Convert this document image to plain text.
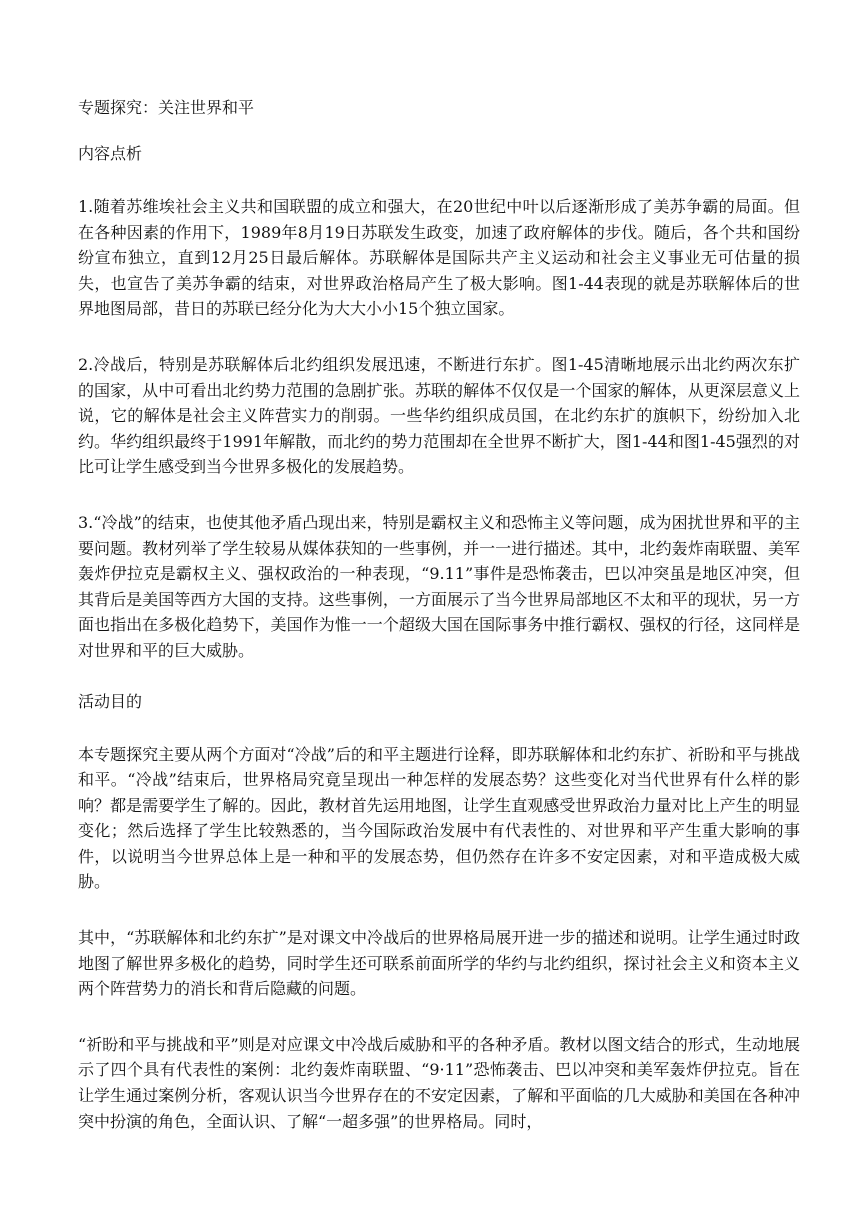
专题探究：关注世界和平

内容点析

1.随着苏维埃社会主义共和国联盟的成立和强大，在20世纪中叶以后逐渐形成了美苏争霸的局面。但在各种因素的作用下，1989年8月19日苏联发生政变，加速了政府解体的步伐。随后，各个共和国纷纷宣布独立，直到12月25日最后解体。苏联解体是国际共产主义运动和社会主义事业无可估量的损失，也宣告了美苏争霸的结束，对世界政治格局产生了极大影响。图1-44表现的就是苏联解体后的世界地图局部，昔日的苏联已经分化为大大小小15个独立国家。

2.冷战后，特别是苏联解体后北约组织发展迅速，不断进行东扩。图1-45清晰地展示出北约两次东扩的国家，从中可看出北约势力范围的急剧扩张。苏联的解体不仅仅是一个国家的解体，从更深层意义上说，它的解体是社会主义阵营实力的削弱。一些华约组织成员国，在北约东扩的旗帜下，纷纷加入北约。华约组织最终于1991年解散，而北约的势力范围却在全世界不断扩大，图1-44和图1-45强烈的对比可让学生感受到当今世界多极化的发展趋势。

3.“冷战”的结束，也使其他矛盾凸现出来，特别是霸权主义和恐怖主义等问题，成为困扰世界和平的主要问题。教材列举了学生较易从媒体获知的一些事例，并一一进行描述。其中，北约轰炸南联盟、美军轰炸伊拉克是霸权主义、强权政治的一种表现，“9.11”事件是恐怖袭击，巴以冲突虽是地区冲突，但其背后是美国等西方大国的支持。这些事例，一方面展示了当今世界局部地区不太和平的现状，另一方面也指出在多极化趋势下，美国作为惟一一个超级大国在国际事务中推行霸权、强权的行径，这同样是对世界和平的巨大威胁。

活动目的

本专题探究主要从两个方面对“冷战”后的和平主题进行诠释，即苏联解体和北约东扩、祈盼和平与挑战和平。“冷战”结束后，世界格局究竟呈现出一种怎样的发展态势？这些变化对当代世界有什么样的影响？都是需要学生了解的。因此，教材首先运用地图，让学生直观感受世界政治力量对比上产生的明显变化；然后选择了学生比较熟悉的，当今国际政治发展中有代表性的、对世界和平产生重大影响的事件，以说明当今世界总体上是一种和平的发展态势，但仍然存在许多不安定因素，对和平造成极大威胁。

其中，“苏联解体和北约东扩”是对课文中冷战后的世界格局展开进一步的描述和说明。让学生通过时政地图了解世界多极化的趋势，同时学生还可联系前面所学的华约与北约组织，探讨社会主义和资本主义两个阵营势力的消长和背后隐藏的问题。

“祈盼和平与挑战和平”则是对应课文中冷战后威胁和平的各种矛盾。教材以图文结合的形式，生动地展示了四个具有代表性的案例：北约轰炸南联盟、“9·11”恐怖袭击、巴以冲突和美军轰炸伊拉克。旨在让学生通过案例分析，客观认识当今世界存在的不安定因素，了解和平面临的几大威胁和美国在各种冲突中扮演的角色，全面认识、了解“一超多强”的世界格局。同时，
